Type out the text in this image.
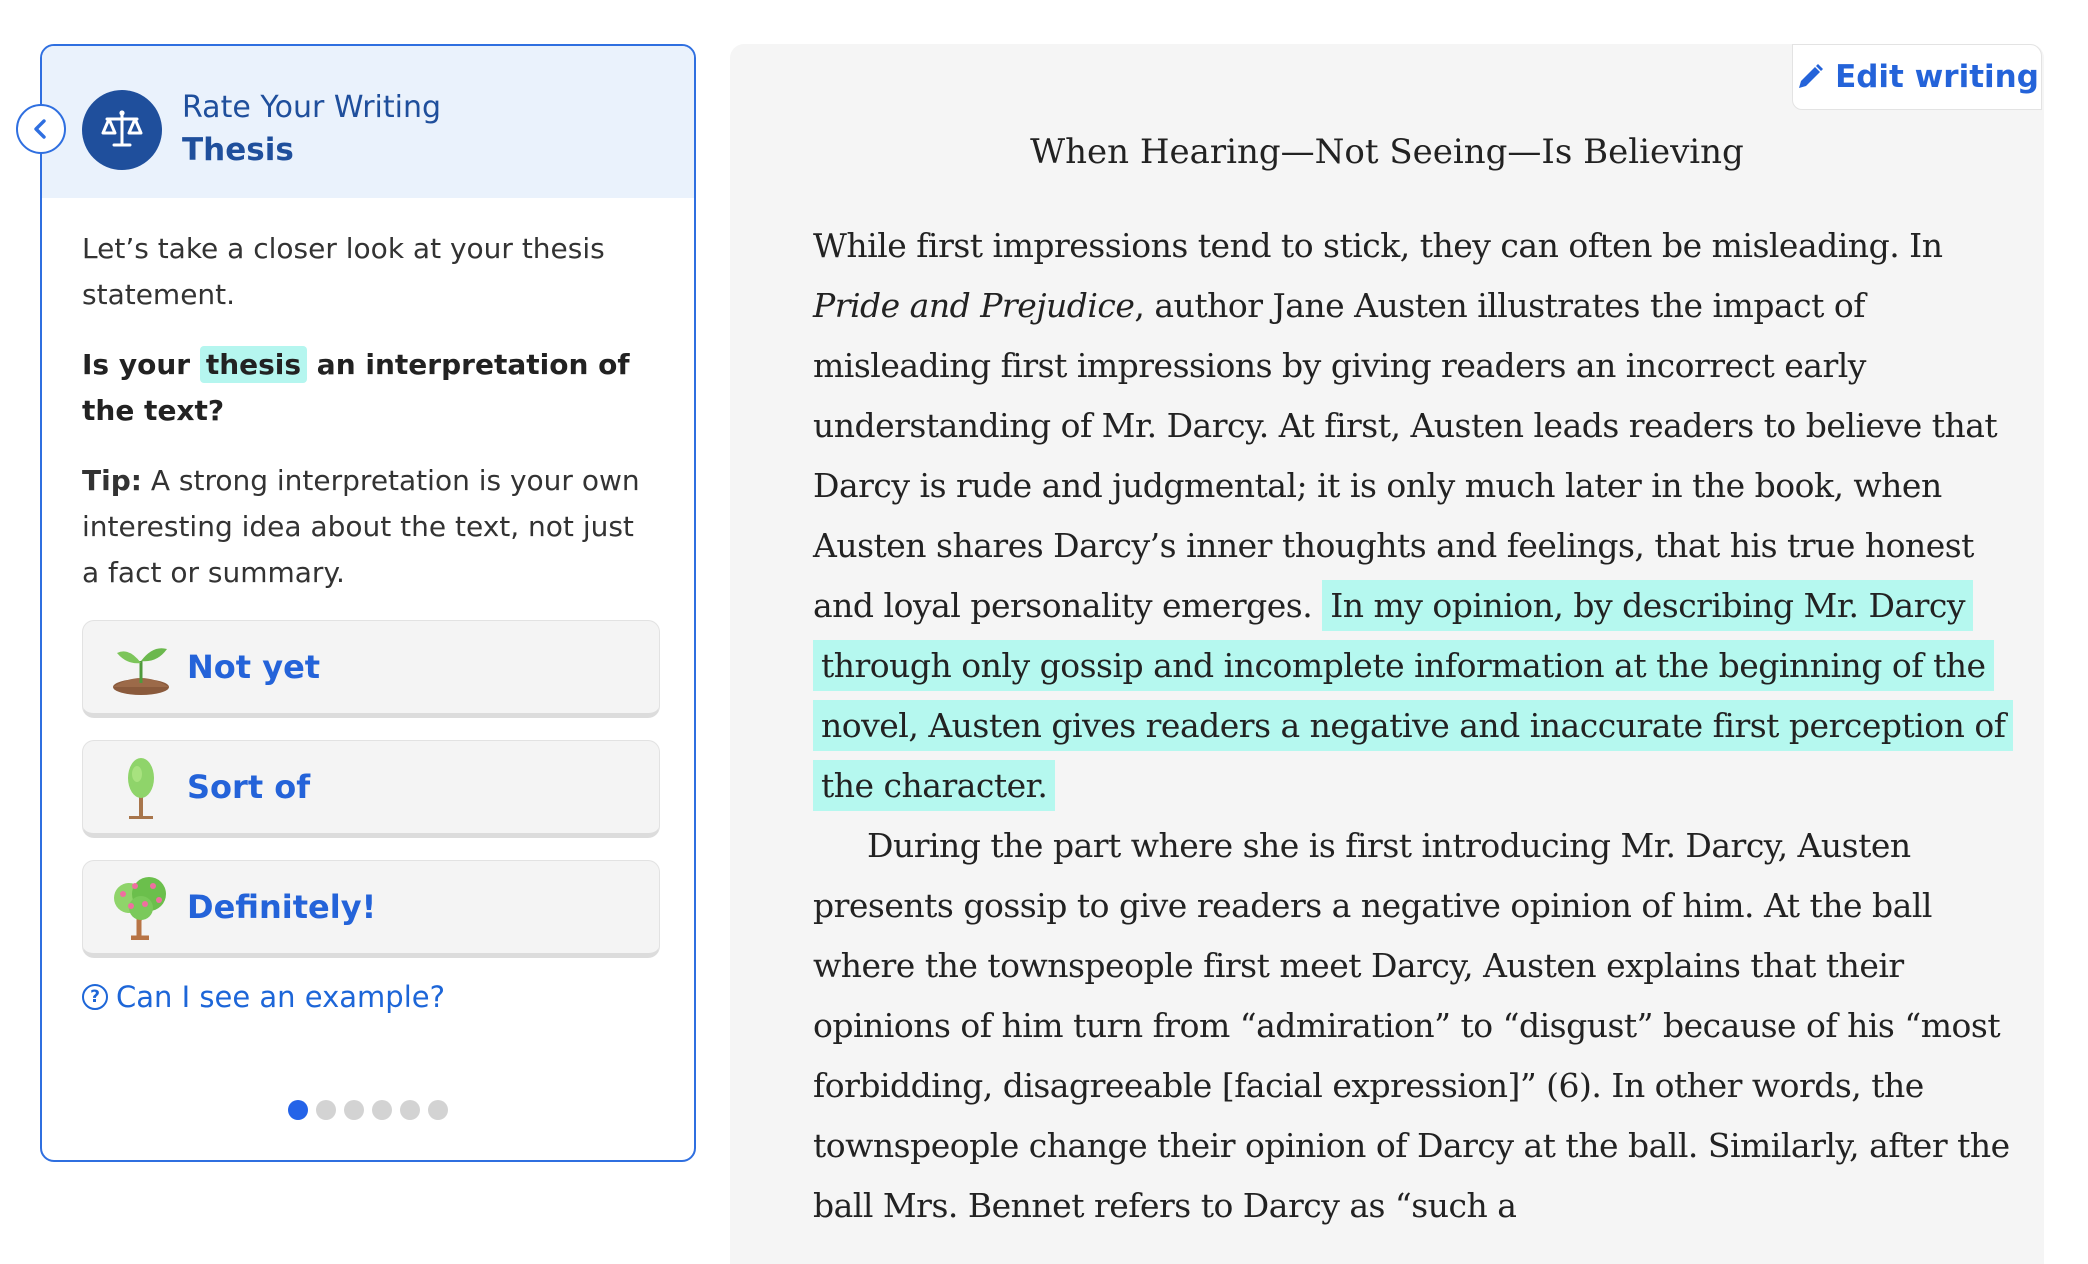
Rate Your Writing
Thesis

Let’s take a closer look at your thesis statement.

Is your thesis an interpretation of the text?

Tip: A strong interpretation is your own interesting idea about the text, not just a fact or summary.

Not yet
Sort of
Definitely!
? Can I see an example?
Edit writing
When Hearing—Not Seeing—Is Believing

While first impressions tend to stick, they can often be misleading. In Pride and Prejudice, author Jane Austen illustrates the impact of misleading first impressions by giving readers an incorrect early understanding of Mr. Darcy. At first, Austen leads readers to believe that Darcy is rude and judgmental; it is only much later in the book, when Austen shares Darcy’s inner thoughts and feelings, that his true honest and loyal personality emerges. In my opinion, by describing Mr. Darcy through only gossip and incomplete information at the beginning of the novel, Austen gives readers a negative and inaccurate first perception of the character.

During the part where she is first introducing Mr. Darcy, Austen presents gossip to give readers a negative opinion of him. At the ball where the townspeople first meet Darcy, Austen explains that their opinions of him turn from “admiration” to “disgust” because of his “most forbidding, disagreeable [facial expression]” (6). In other words, the townspeople change their opinion of Darcy at the ball. Similarly, after the ball Mrs. Bennet refers to Darcy as “such a
